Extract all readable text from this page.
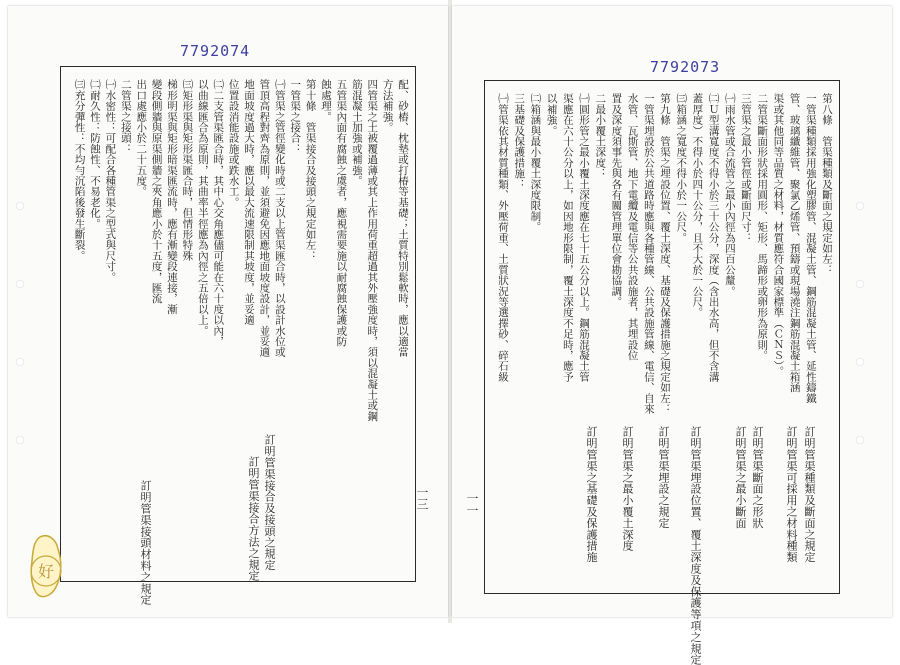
7792074
配、砂樁、枕墊或打椿等基礎；土質特別鬆軟時，應以適當
方法補強。
四管渠之土被覆過薄或其上作用荷重超過其外壓強度時，須以混凝土或鋼
筋混凝土加強或補強。
五管渠內面有腐蝕之虞者，應視需要施以耐腐蝕保護或防
蝕處理。
第十條　管渠接合及接頭之規定如左：
一管渠之接合：
㈠管渠之管徑變化時或二支以上管渠匯合時，以設計水位或
管頂高程對齊為原則，並須避免因應地面坡度設計，並妥適
地面坡度過大時，應以最大流速限制其坡度，並妥適
位置設消能設施或跌水工。
㈡二支管渠匯合時，其中心交角應儘可能在六十度以內，
以曲線匯合為原則，其曲率半徑應為內徑之五倍以上。
㈢矩形渠與矩形渠匯合時，但情形特殊
梯形明渠與矩形暗渠匯流時，應有漸變段連接，漸
變段側牆與原渠側牆之夾角應小於十五度，匯流
出口處應小於二十五度。
二管渠之接頭：
㈠水密性：可配合各種管渠之型式與尺寸。
㈡耐久性：防蝕性、不易老化。
㈢充分彈性：不均勻沉陷後發生斷裂。
訂明管渠接合方法之規定 訂明管渠接合及接頭之規定
訂明管渠接頭材料之規定	一三
7792073
第八條　管渠種類及斷面之規定如左：
一管渠種類採用強化塑膠管、混凝土管、鋼筋混凝土管、延性鑄鐵
管、玻璃纖維管、聚氯乙烯管、預鑄或現場澆注鋼筋混凝土箱涵
渠或其他同等品質之材料，材質應符合國家標準（ＣＮＳ）。
二管渠斷面形狀採用圓形、矩形、馬蹄形或卵形為原則。
三管渠之最小管徑或斷面尺寸：
㈠雨水管或合流管之最小內徑為四百公釐。
㈡Ｕ型溝寬度不得小於三十公分，深度（含出水高，但不含溝
蓋厚度）不得小於四十公分，且不大於一公尺。
㈢箱涵之寬度不得小於一公尺。
第九條　管渠之埋設位置、覆土深度、基礎及保護措施之規定如左：
一管渠埋設於公共道路時應與各種管線、公共設施管線、電信、自來
水管、瓦斯管、地下電纜及電信等公共設施者，其埋設位
置及深度須事先與各有關管理單位會勘協調。
二最小覆土深度：
㈠圓形管之最小覆土深度應在七十五公分以上。鋼筋混凝土管
渠應在六十公分以上，如因地形限制，覆土深度不足時，應予
以補強。
㈡箱涵與最小覆土深度限制。
三基礎及保護措施：
㈠管渠依其材質種類、外壓荷重、土質狀況等選擇砂、碎石級
訂明管渠種類及斷面之規定
訂明管渠可採用之材料種類
訂明管渠斷面之形狀
訂明管渠之最小斷面
訂明管渠埋設位置、覆土深度及保護等項之規定
訂明管渠埋設之規定
訂明管渠之最小覆土深度
訂明管渠之基礎及保護措施
一一
好
